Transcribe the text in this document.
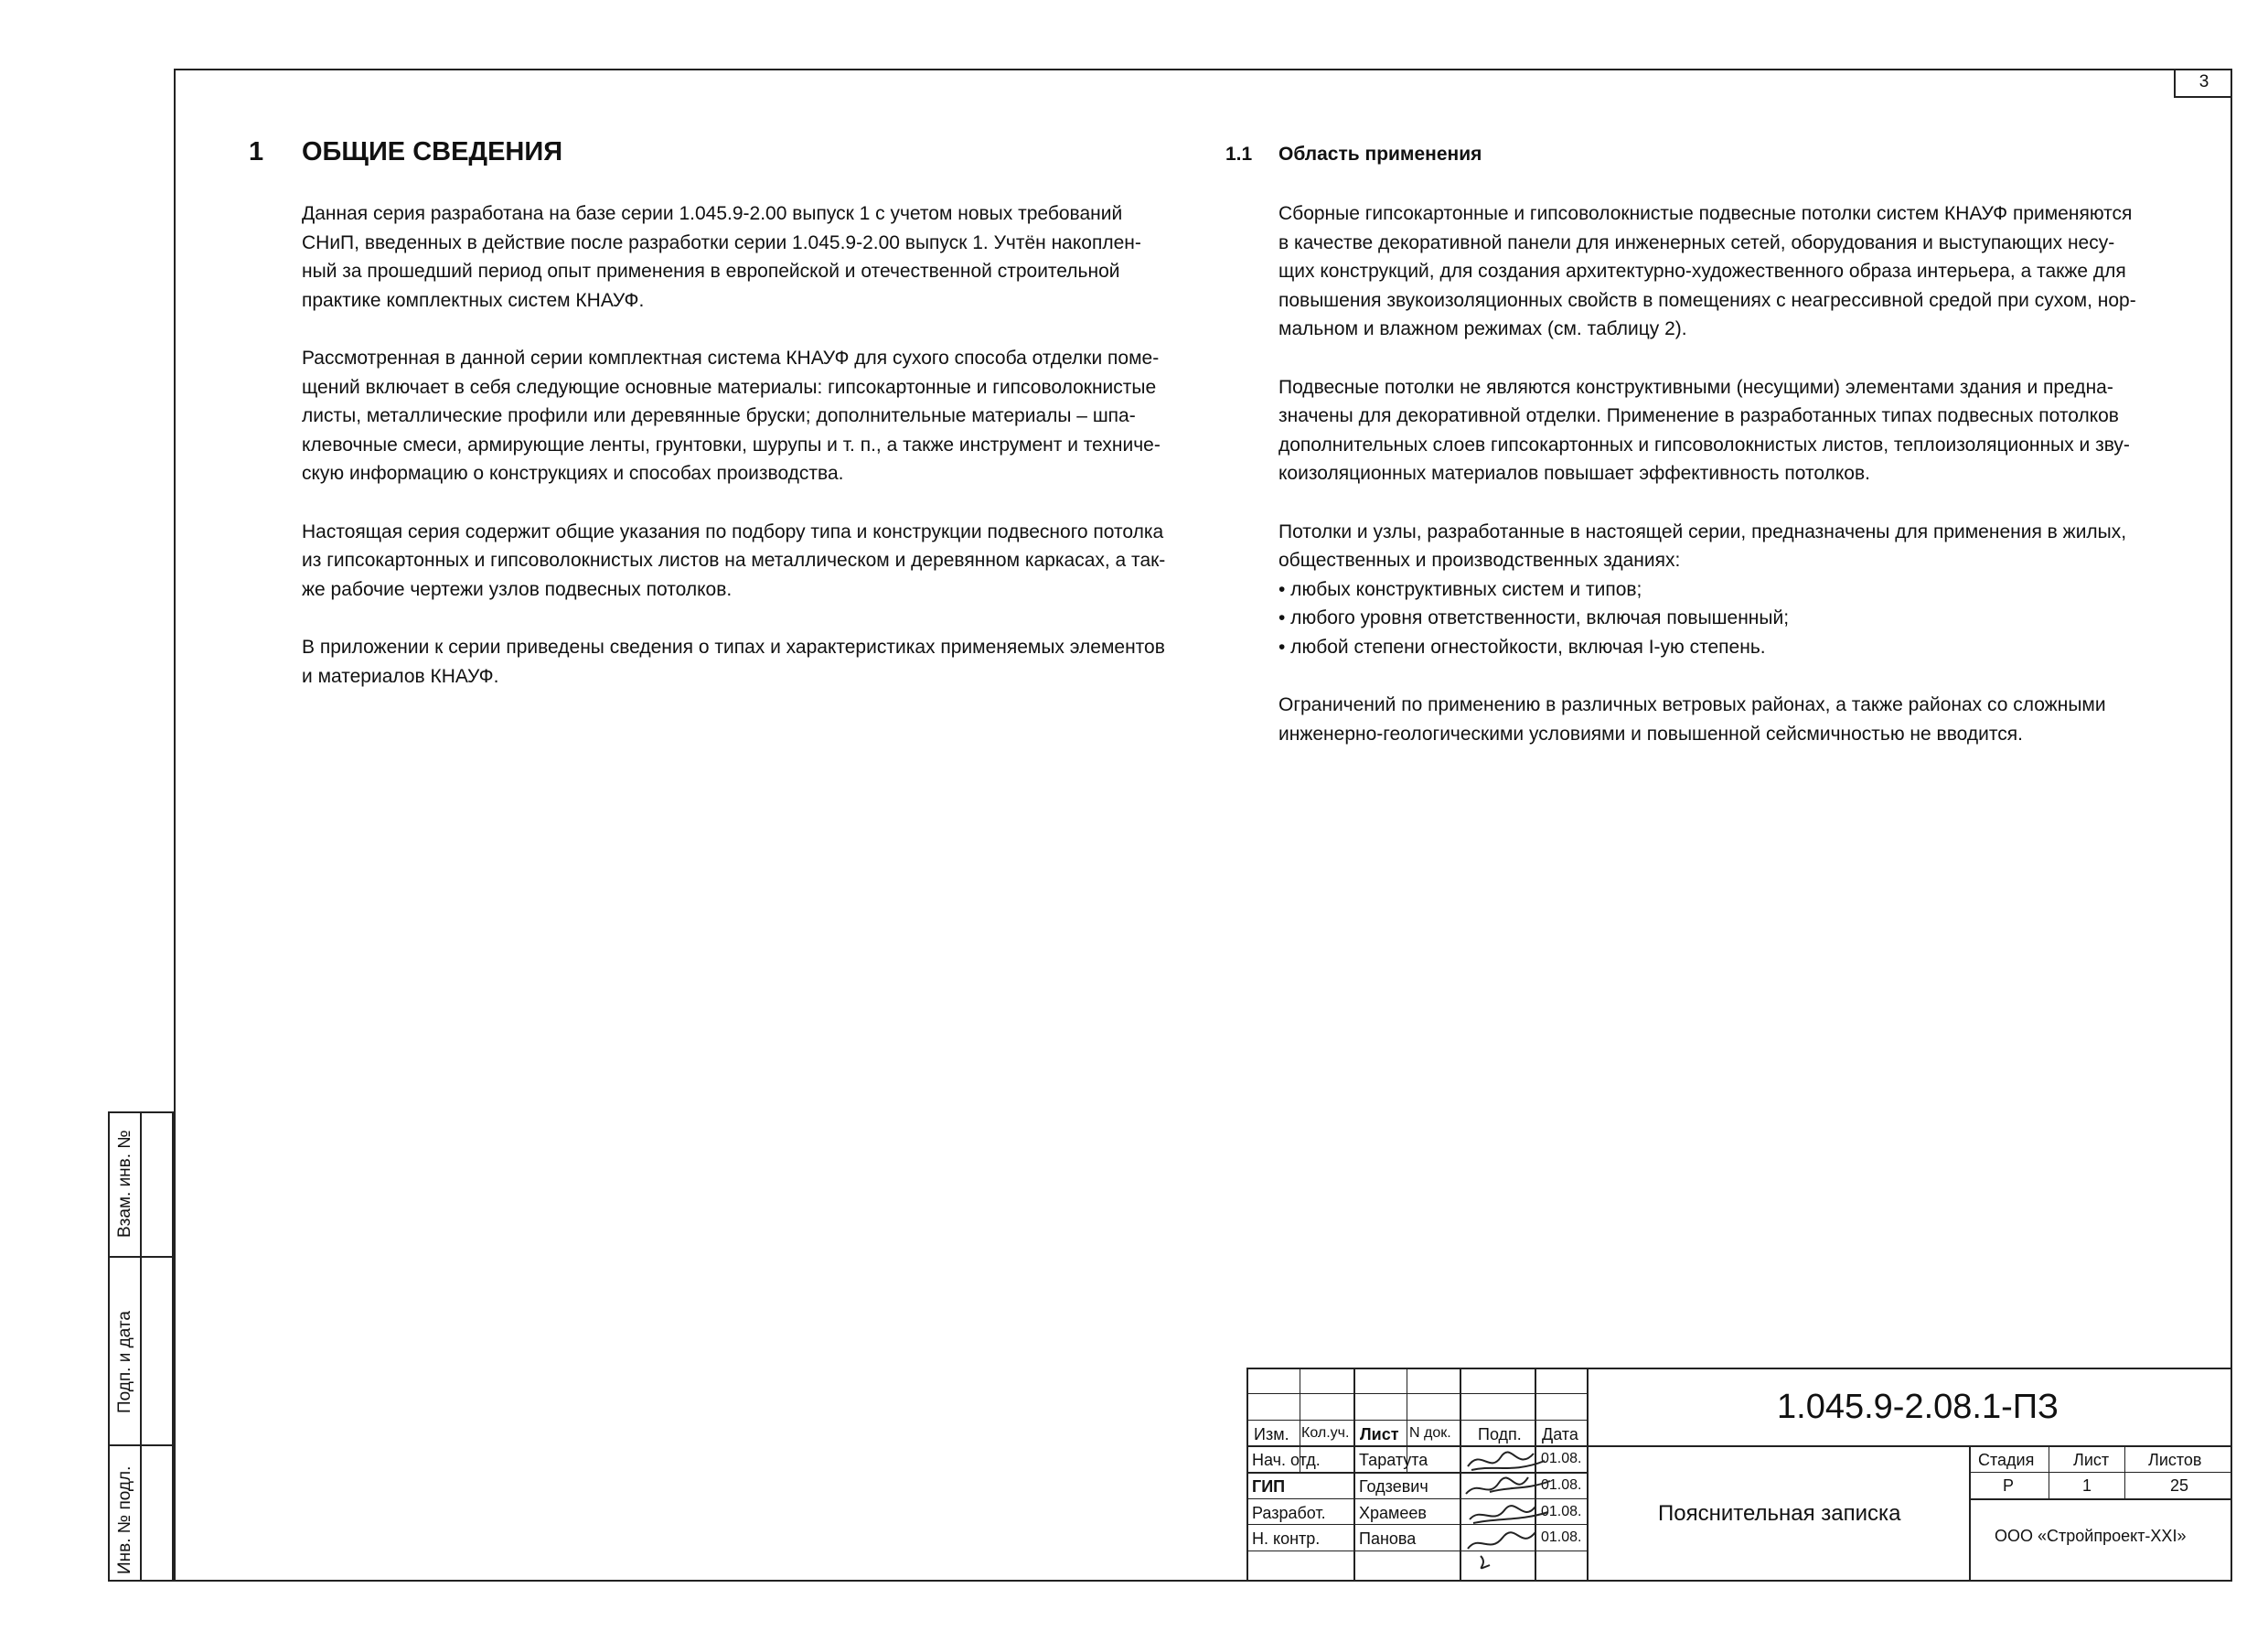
3
1 ОБЩИЕ СВЕДЕНИЯ	1.1 Область применения

Данная серия разработана на базе серии 1.045.9-2.00 выпуск 1 с учетом новых требований
СНиП, введенных в действие после разработки серии 1.045.9-2.00 выпуск 1. Учтён накоплен-
ный за прошедший период опыт применения в европейской и отечественной строительной
практике комплектных систем КНАУФ.

Рассмотренная в данной серии комплектная система КНАУФ для сухого способа отделки поме-
щений включает в себя следующие основные материалы: гипсокартонные и гипсоволокнистые
листы, металлические профили или деревянные бруски; дополнительные материалы – шпа-
клевочные смеси, армирующие ленты, грунтовки, шурупы и т. п., а также инструмент и техниче-
скую информацию о конструкциях и способах производства.

Настоящая серия содержит общие указания по подбору типа и конструкции подвесного потолка
из гипсокартонных и гипсоволокнистых листов на металлическом и деревянном каркасах, а так-
же рабочие чертежи узлов подвесных потолков.

В приложении к серии приведены сведения о типах и характеристиках применяемых элементов
и материалов КНАУФ.

Сборные гипсокартонные и гипсоволокнистые подвесные потолки систем КНАУФ применяются
в качестве декоративной панели для инженерных сетей, оборудования и выступающих несу-
щих конструкций, для создания архитектурно-художественного образа интерьера, а также для
повышения звукоизоляционных свойств в помещениях с неагрессивной средой при сухом, нор-
мальном и влажном режимах (см. таблицу 2).

Подвесные потолки не являются конструктивными (несущими) элементами здания и предна-
значены для декоративной отделки. Применение в разработанных типах подвесных потолков
дополнительных слоев гипсокартонных и гипсоволокнистых листов, теплоизоляционных и зву-
коизоляционных материалов повышает эффективность потолков.

Потолки и узлы, разработанные в настоящей серии, предназначены для применения в жилых,
общественных и производственных зданиях:
• любых конструктивных систем и типов;
• любого уровня ответственности, включая повышенный;
• любой степени огнестойкости, включая I-ую степень.

Ограничений по применению в различных ветровых районах, а также районах со сложными
инженерно-геологическими условиями и повышенной сейсмичностью не вводится.

Взам. инв. №
Подп. и дата
Инв. № подл.
Изм. Кол.уч. Лист N док. Подп. Дата
Нач. отд. Таратута	01.08.
ГИП	Годзевич	01.08.
Разработ. Храмеев	01.08.
Н. контр. Панова	01.08.
1.045.9-2.08.1-ПЗ
Пояснительная записка
Стадия Лист Листов
Р	1	25
ООО «Стройпроект-XXI»
